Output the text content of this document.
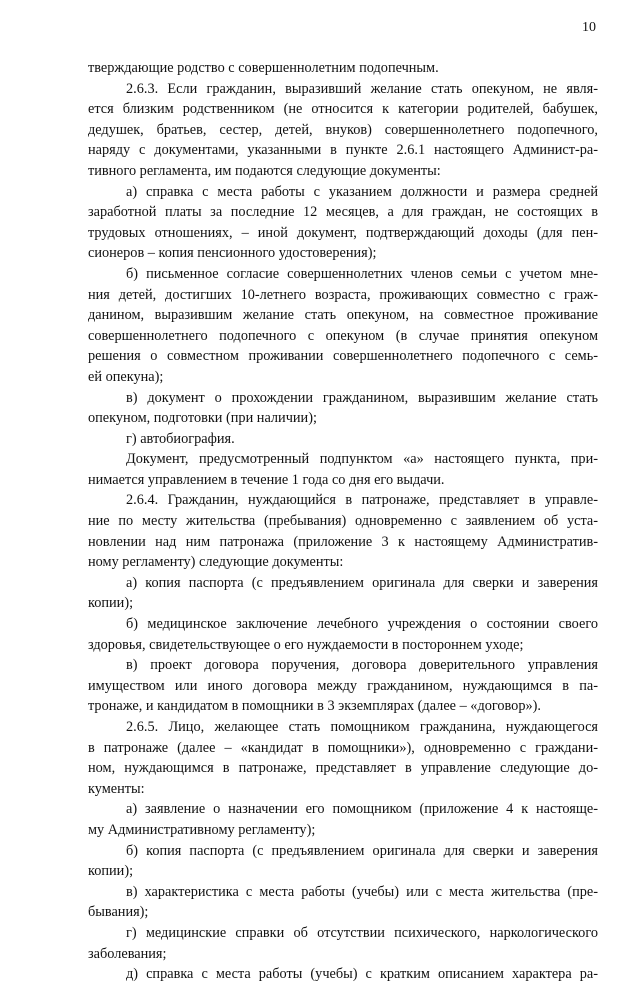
10
тверждающие родство с совершеннолетним подопечным.
2.6.3. Если гражданин, выразивший желание стать опекуном, не явля-
ется близким родственником (не относится к категории родителей, бабушек,
дедушек, братьев, сестер, детей, внуков) совершеннолетнего подопечного,
наряду с документами, указанными в пункте 2.6.1 настоящего Админист-ра-
тивного регламента, им подаются следующие документы:
а) справка с места работы с указанием должности и размера средней
заработной платы за последние 12 месяцев, а для граждан, не состоящих в
трудовых отношениях, – иной документ, подтверждающий доходы (для пен-
сионеров – копия пенсионного удостоверения);
б) письменное согласие совершеннолетних членов семьи с учетом мне-
ния детей, достигших 10-летнего возраста, проживающих совместно с граж-
данином, выразившим желание стать опекуном, на совместное проживание
совершеннолетнего подопечного с опекуном (в случае принятия опекуном
решения о совместном проживании совершеннолетнего подопечного с семь-
ей опекуна);
в) документ о прохождении гражданином, выразившим желание стать
опекуном, подготовки (при наличии);
г) автобиография.
Документ, предусмотренный подпунктом «а» настоящего пункта, при-
нимается управлением в течение 1 года со дня его выдачи.
2.6.4. Гражданин, нуждающийся в патронаже, представляет в управле-
ние по месту жительства (пребывания) одновременно с заявлением об уста-
новлении над ним патронажа (приложение 3 к настоящему Административ-
ному регламенту) следующие документы:
а) копия паспорта (с предъявлением оригинала для сверки и заверения
копии);
б) медицинское заключение лечебного учреждения о состоянии своего
здоровья, свидетельствующее о его нуждаемости в постороннем уходе;
в) проект договора поручения, договора доверительного управления
имуществом или иного договора между гражданином, нуждающимся в па-
тронаже, и кандидатом в помощники в 3 экземплярах (далее – «договор»).
2.6.5. Лицо, желающее стать помощником гражданина, нуждающегося
в патронаже (далее – «кандидат в помощники»), одновременно с граждани-
ном, нуждающимся в патронаже, представляет в управление следующие до-
кументы:
а) заявление о назначении его помощником (приложение 4 к настояще-
му Административному регламенту);
б) копия паспорта (с предъявлением оригинала для сверки и заверения
копии);
в) характеристика с места работы (учебы) или с места жительства (пре-
бывания);
г) медицинские справки об отсутствии психического, наркологического
заболевания;
д) справка с места работы (учебы) с кратким описанием характера ра-
